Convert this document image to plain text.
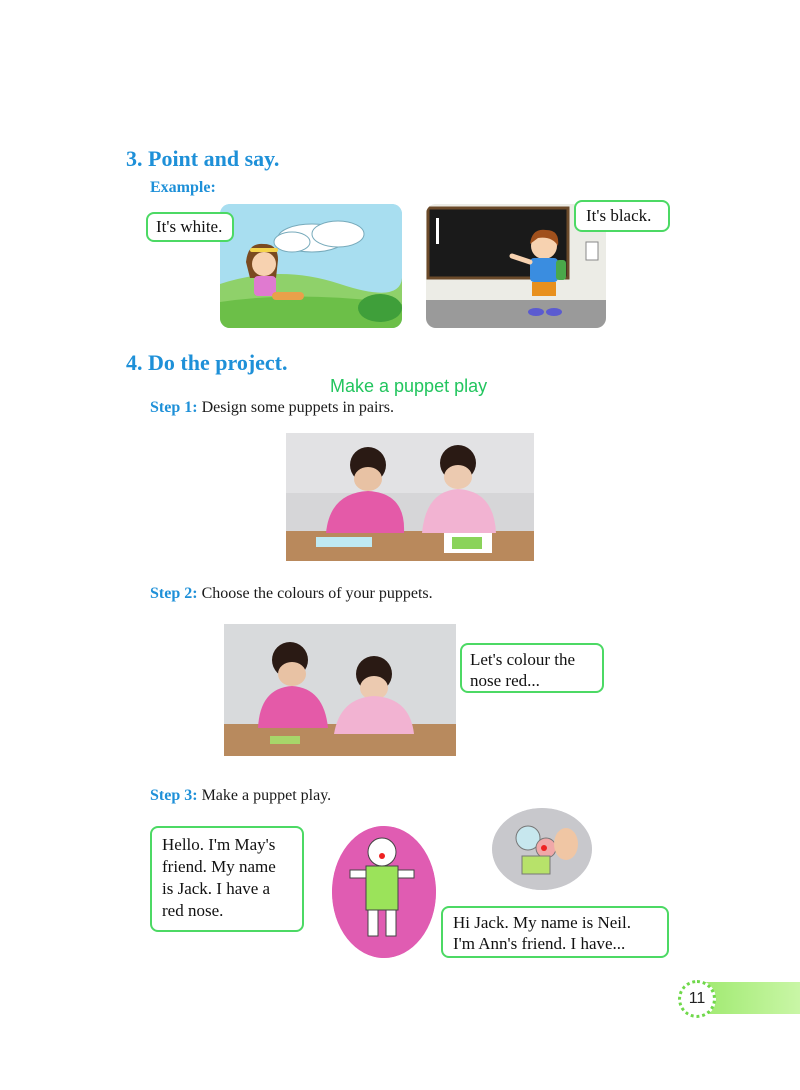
3. Point and say.
Example:
It's white.
It's black.
4. Do the project.
Make a puppet play
Step 1: Design some puppets in pairs.
Step 2: Choose the colours of your puppets.
Let's colour the
nose red...
Step 3: Make a puppet play.
Hello. I'm May's
friend. My name
is Jack. I have a
red nose.
Hi Jack. My name is Neil.
I'm Ann's friend. I have...
11
